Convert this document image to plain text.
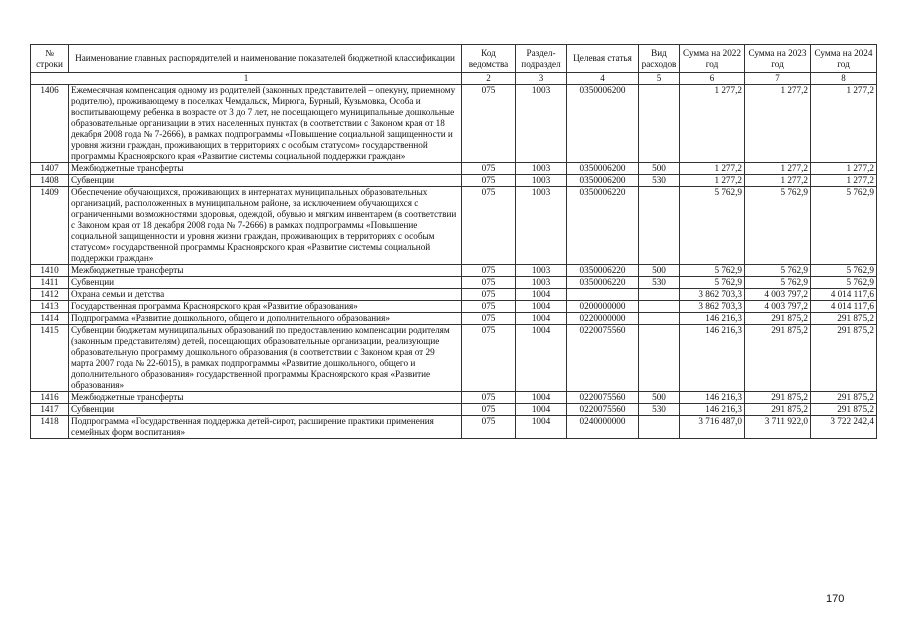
№ строки	Наименование главных распорядителей и наименование показателей бюджетной классификации	Код ведомства	Раздел-подраздел	Целевая статья	Вид расходов	Сумма на 2022 год	Сумма на 2023 год	Сумма на 2024 год
1		2	3	4	5	6	7	8
1406	Ежемесячная компенсация одному из родителей (законных представителей – опекуну, приемному родителю), проживающему в поселках Чемдальск, Мирюга, Бурный, Кузьмовка, Особа и воспитывающему ребенка в возрасте от 3 до 7 лет, не посещающего муниципальные дошкольные образовательные организации в этих населенных пунктах (в соответствии с Законом края от 18 декабря 2008 года № 7-2666), в рамках подпрограммы «Повышение социальной защищенности и уровня жизни граждан, проживающих в территориях с особым статусом» государственной программы Красноярского края «Развитие системы социальной поддержки граждан»	075	1003	0350006200		1 277,2	1 277,2	1 277,2
1407	Межбюджетные трансферты	075	1003	0350006200	500	1 277,2	1 277,2	1 277,2
1408	Субвенции	075	1003	0350006200	530	1 277,2	1 277,2	1 277,2
1409	Обеспечение обучающихся, проживающих в интернатах муниципальных образовательных организаций, расположенных в муниципальном районе, за исключением обучающихся с ограниченными возможностями здоровья, одеждой, обувью и мягким инвентарем (в соответствии с Законом края от 18 декабря 2008 года № 7-2666) в рамках подпрограммы «Повышение социальной защищенности и уровня жизни граждан, проживающих в территориях с особым статусом» государственной программы Красноярского края «Развитие системы социальной поддержки граждан»	075	1003	0350006220		5 762,9	5 762,9	5 762,9
1410	Межбюджетные трансферты	075	1003	0350006220	500	5 762,9	5 762,9	5 762,9
1411	Субвенции	075	1003	0350006220	530	5 762,9	5 762,9	5 762,9
1412	Охрана семьи и детства	075	1004			3 862 703,3	4 003 797,2	4 014 117,6
1413	Государственная программа Красноярского края «Развитие образования»	075	1004	0200000000		3 862 703,3	4 003 797,2	4 014 117,6
1414	Подпрограмма «Развитие дошкольного, общего и дополнительного образования»	075	1004	0220000000		146 216,3	291 875,2	291 875,2
1415	Субвенции бюджетам муниципальных образований по предоставлению компенсации родителям (законным представителям) детей, посещающих образовательные организации, реализующие образовательную программу дошкольного образования (в соответствии с Законом края от 29 марта 2007 года № 22-6015), в рамках подпрограммы «Развитие дошкольного, общего и дополнительного образования» государственной программы Красноярского края «Развитие образования»	075	1004	0220075560		146 216,3	291 875,2	291 875,2
1416	Межбюджетные трансферты	075	1004	0220075560	500	146 216,3	291 875,2	291 875,2
1417	Субвенции	075	1004	0220075560	530	146 216,3	291 875,2	291 875,2
1418	Подпрограмма «Государственная поддержка детей-сирот, расширение практики применения семейных форм воспитания»	075	1004	0240000000		3 716 487,0	3 711 922,0	3 722 242,4
170
